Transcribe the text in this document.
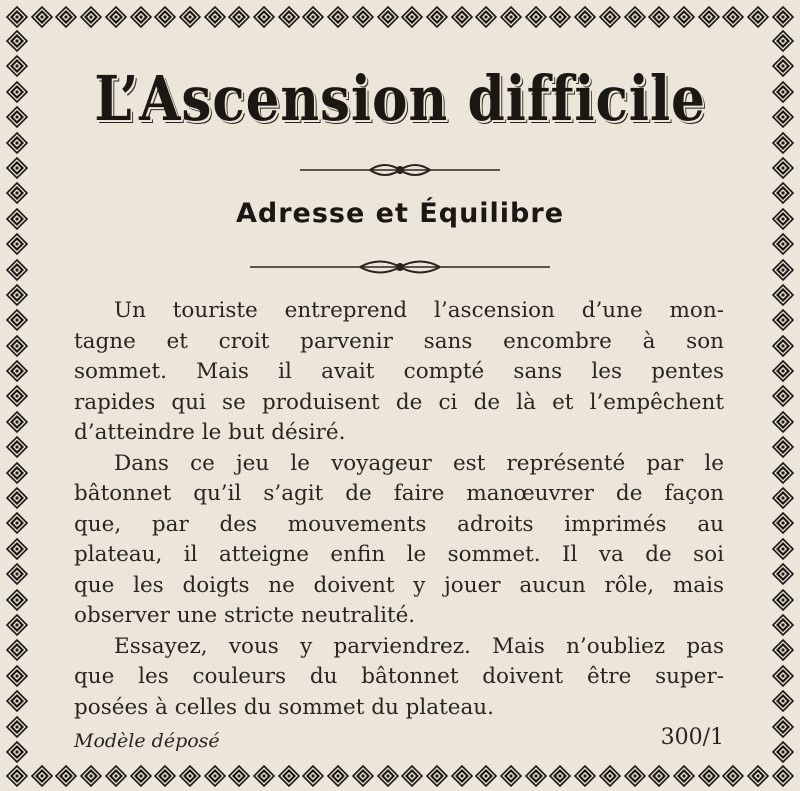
L’Ascension difficile
Adresse et Équilibre

Un touriste entreprend l’ascension d’une mon-
tagne et croit parvenir sans encombre à son
sommet. Mais il avait compté sans les pentes
rapides qui se produisent de ci de là et l’empêchent
d’atteindre le but désiré.

Dans ce jeu le voyageur est représenté par le
bâtonnet qu’il s’agit de faire manœuvrer de façon
que, par des mouvements adroits imprimés au
plateau, il atteigne enfin le sommet. Il va de soi
que les doigts ne doivent y jouer aucun rôle, mais
observer une stricte neutralité.

Essayez, vous y parviendrez. Mais n’oubliez pas
que les couleurs du bâtonnet doivent être super-
posées à celles du sommet du plateau.

Modèle déposé	300/1
